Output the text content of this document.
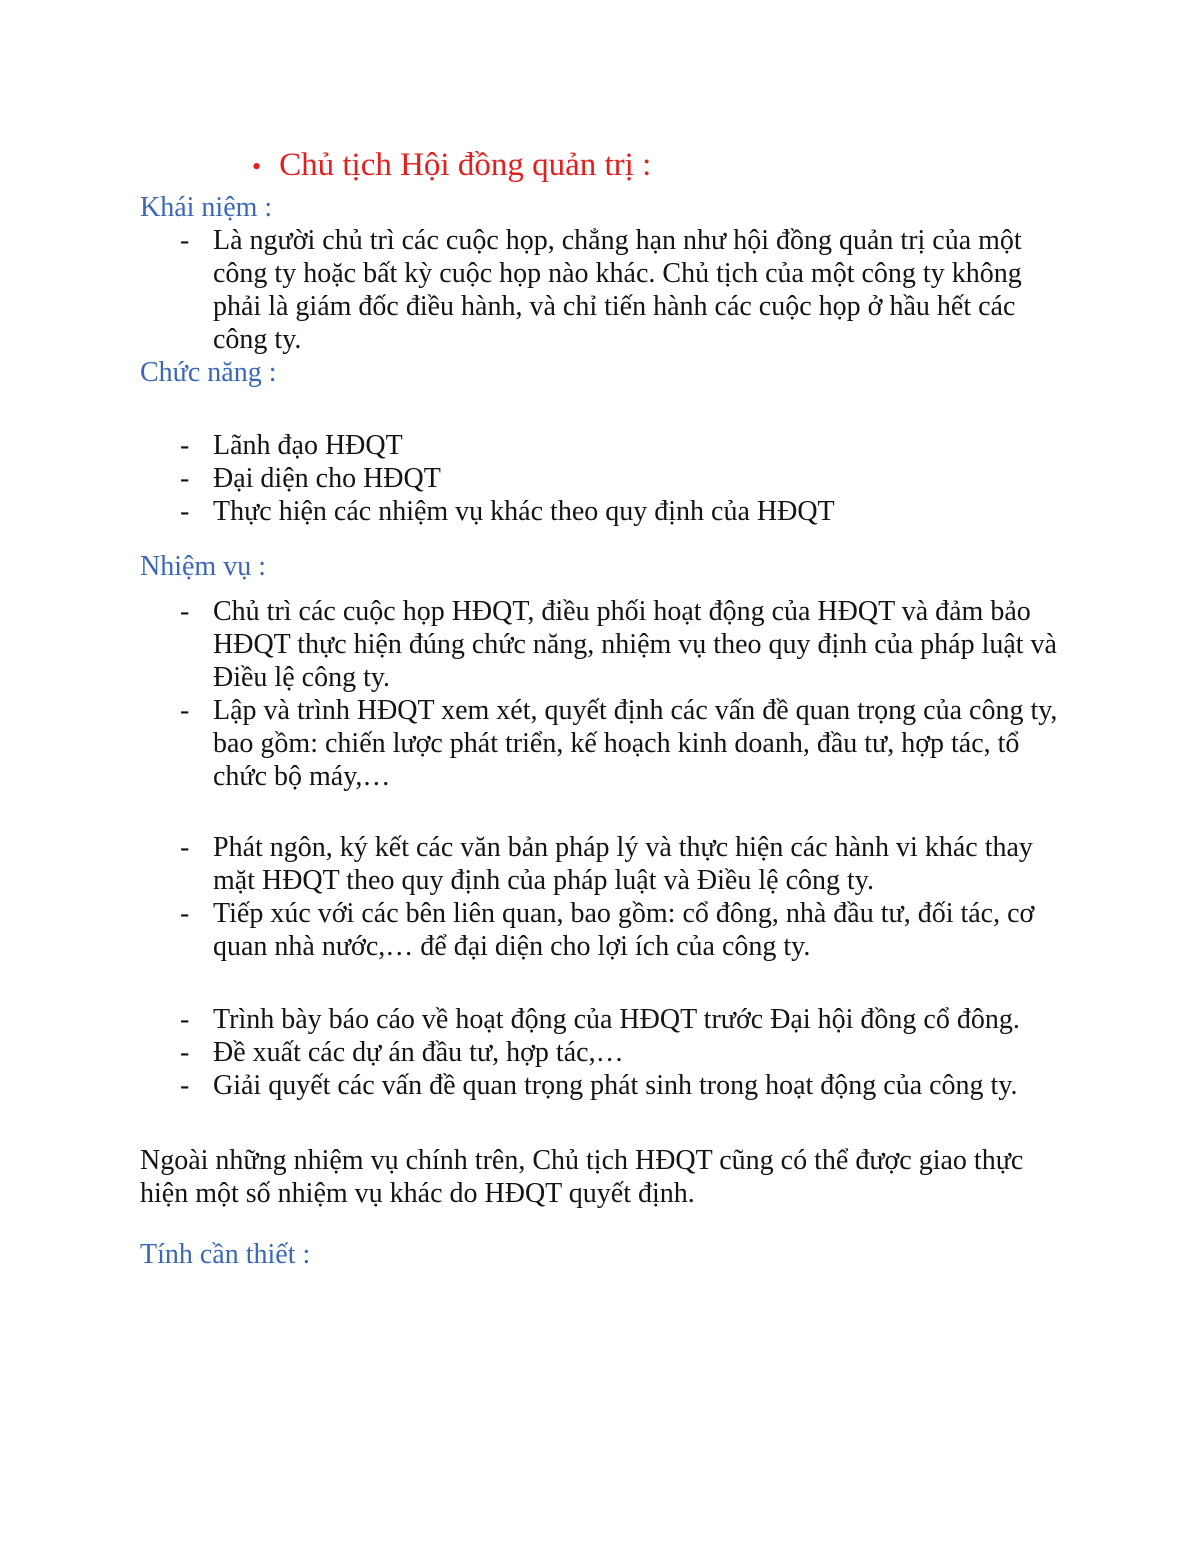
• Chủ tịch Hội đồng quản trị :
Khái niệm :
- Là người chủ trì các cuộc họp, chẳng hạn như hội đồng quản trị của một công ty hoặc bất kỳ cuộc họp nào khác. Chủ tịch của một công ty không phải là giám đốc điều hành, và chỉ tiến hành các cuộc họp ở hầu hết các công ty.
Chức năng :
- Lãnh đạo HĐQT
- Đại diện cho HĐQT
- Thực hiện các nhiệm vụ khác theo quy định của HĐQT
Nhiệm vụ :
- Chủ trì các cuộc họp HĐQT, điều phối hoạt động của HĐQT và đảm bảo HĐQT thực hiện đúng chức năng, nhiệm vụ theo quy định của pháp luật và Điều lệ công ty.
- Lập và trình HĐQT xem xét, quyết định các vấn đề quan trọng của công ty, bao gồm: chiến lược phát triển, kế hoạch kinh doanh, đầu tư, hợp tác, tổ chức bộ máy,…
- Phát ngôn, ký kết các văn bản pháp lý và thực hiện các hành vi khác thay mặt HĐQT theo quy định của pháp luật và Điều lệ công ty.
- Tiếp xúc với các bên liên quan, bao gồm: cổ đông, nhà đầu tư, đối tác, cơ quan nhà nước,… để đại diện cho lợi ích của công ty.
- Trình bày báo cáo về hoạt động của HĐQT trước Đại hội đồng cổ đông.
- Đề xuất các dự án đầu tư, hợp tác,…
- Giải quyết các vấn đề quan trọng phát sinh trong hoạt động của công ty.

Ngoài những nhiệm vụ chính trên, Chủ tịch HĐQT cũng có thể được giao thực hiện một số nhiệm vụ khác do HĐQT quyết định.

Tính cần thiết :
